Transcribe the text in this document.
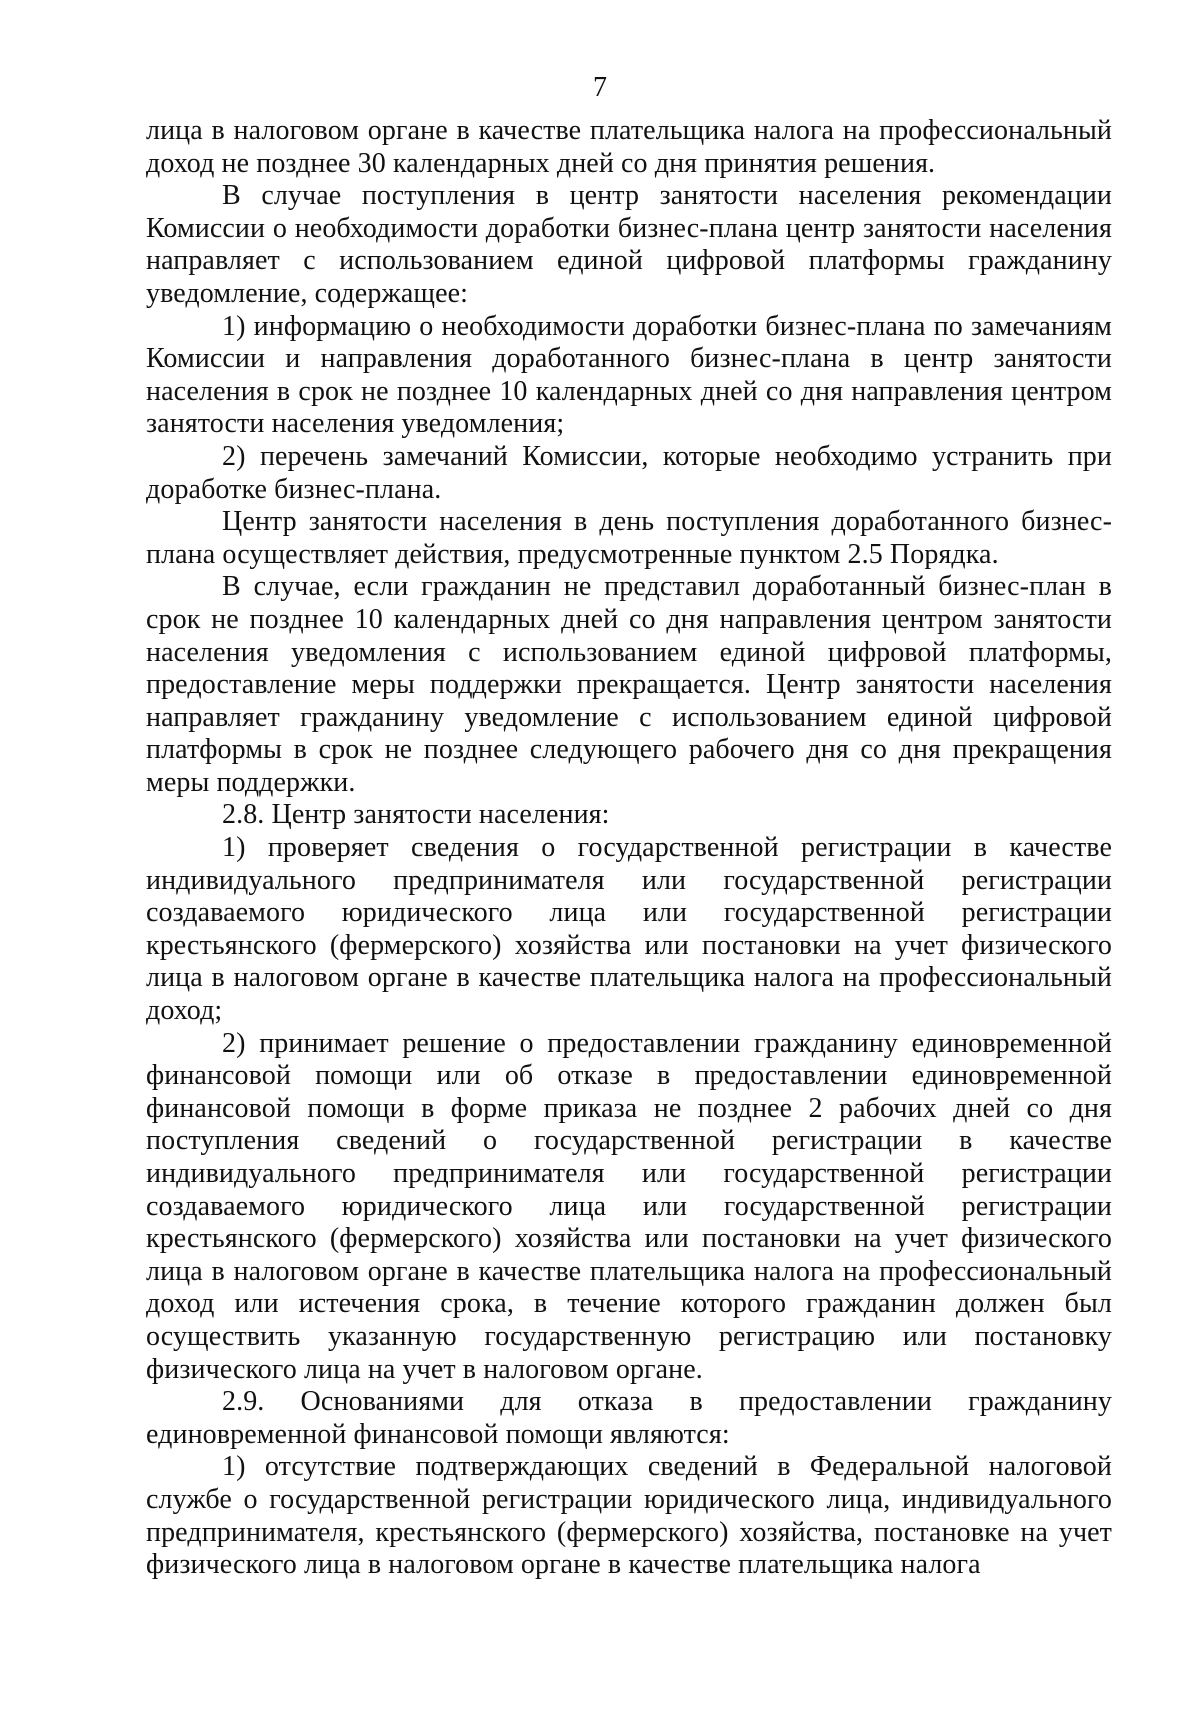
7

лица в налоговом органе в качестве плательщика налога на профессиональный доход не позднее 30 календарных дней со дня принятия решения.

В случае поступления в центр занятости населения рекомендации Комиссии о необходимости доработки бизнес-плана центр занятости населения направляет с использованием единой цифровой платформы гражданину уведомление, содержащее:

1) информацию о необходимости доработки бизнес-плана по замечаниям Комиссии и направления доработанного бизнес-плана в центр занятости населения в срок не позднее 10 календарных дней со дня направления центром занятости населения уведомления;

2) перечень замечаний Комиссии, которые необходимо устранить при доработке бизнес-плана.

Центр занятости населения в день поступления доработанного бизнес-плана осуществляет действия, предусмотренные пунктом 2.5 Порядка.

В случае, если гражданин не представил доработанный бизнес-план в срок не позднее 10 календарных дней со дня направления центром занятости населения уведомления с использованием единой цифровой платформы, предоставление меры поддержки прекращается. Центр занятости населения направляет гражданину уведомление с использованием единой цифровой платформы в срок не позднее следующего рабочего дня со дня прекращения меры поддержки.

2.8. Центр занятости населения:

1) проверяет сведения о государственной регистрации в качестве индивидуального предпринимателя или государственной регистрации создаваемого юридического лица или государственной регистрации крестьянского (фермерского) хозяйства или постановки на учет физического лица в налоговом органе в качестве плательщика налога на профессиональный доход;

2) принимает решение о предоставлении гражданину единовременной финансовой помощи или об отказе в предоставлении единовременной финансовой помощи в форме приказа не позднее 2 рабочих дней со дня поступления сведений о государственной регистрации в качестве индивидуального предпринимателя или государственной регистрации создаваемого юридического лица или государственной регистрации крестьянского (фермерского) хозяйства или постановки на учет физического лица в налоговом органе в качестве плательщика налога на профессиональный доход или истечения срока, в течение которого гражданин должен был осуществить указанную государственную регистрацию или постановку физического лица на учет в налоговом органе.

2.9. Основаниями для отказа в предоставлении гражданину единовременной финансовой помощи являются:

1) отсутствие подтверждающих сведений в Федеральной налоговой службе о государственной регистрации юридического лица, индивидуального предпринимателя, крестьянского (фермерского) хозяйства, постановке на учет физического лица в налоговом органе в качестве плательщика налога
